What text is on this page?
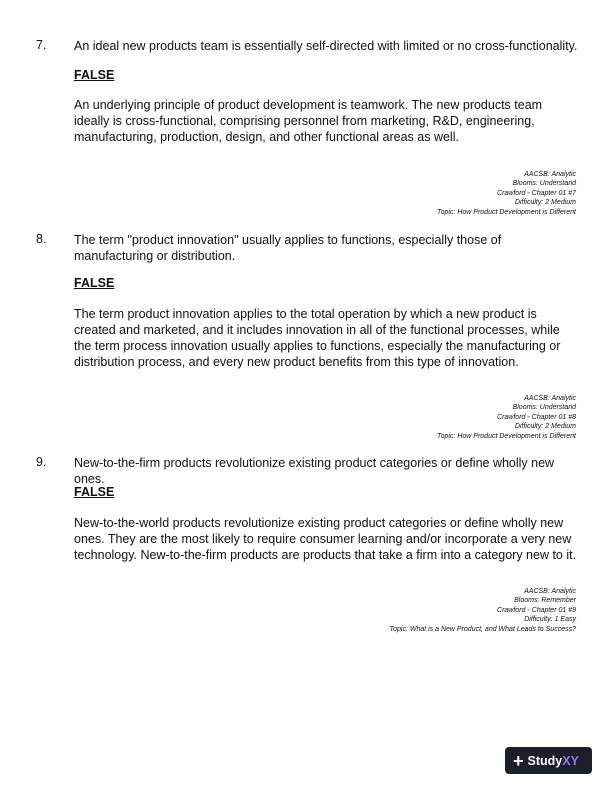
7. An ideal new products team is essentially self-directed with limited or no cross-functionality.
FALSE
An underlying principle of product development is teamwork. The new products team ideally is cross-functional, comprising personnel from marketing, R&D, engineering, manufacturing, production, design, and other functional areas as well.
AACSB: Analytic
Blooms: Understand
Crawford - Chapter 01 #7
Difficulty: 2 Medium
Topic: How Product Development is Different
8. The term "product innovation" usually applies to functions, especially those of manufacturing or distribution.
FALSE
The term product innovation applies to the total operation by which a new product is created and marketed, and it includes innovation in all of the functional processes, while the term process innovation usually applies to functions, especially the manufacturing or distribution process, and every new product benefits from this type of innovation.
AACSB: Analytic
Blooms: Understand
Crawford - Chapter 01 #8
Difficulty: 2 Medium
Topic: How Product Development is Different
9. New-to-the-firm products revolutionize existing product categories or define wholly new ones.
FALSE
New-to-the-world products revolutionize existing product categories or define wholly new ones. They are the most likely to require consumer learning and/or incorporate a very new technology. New-to-the-firm products are products that take a firm into a category new to it.
AACSB: Analytic
Blooms: Remember
Crawford - Chapter 01 #9
Difficulty: 1 Easy
Topic: What is a New Product, and What Leads to Success?
+ Study XY
